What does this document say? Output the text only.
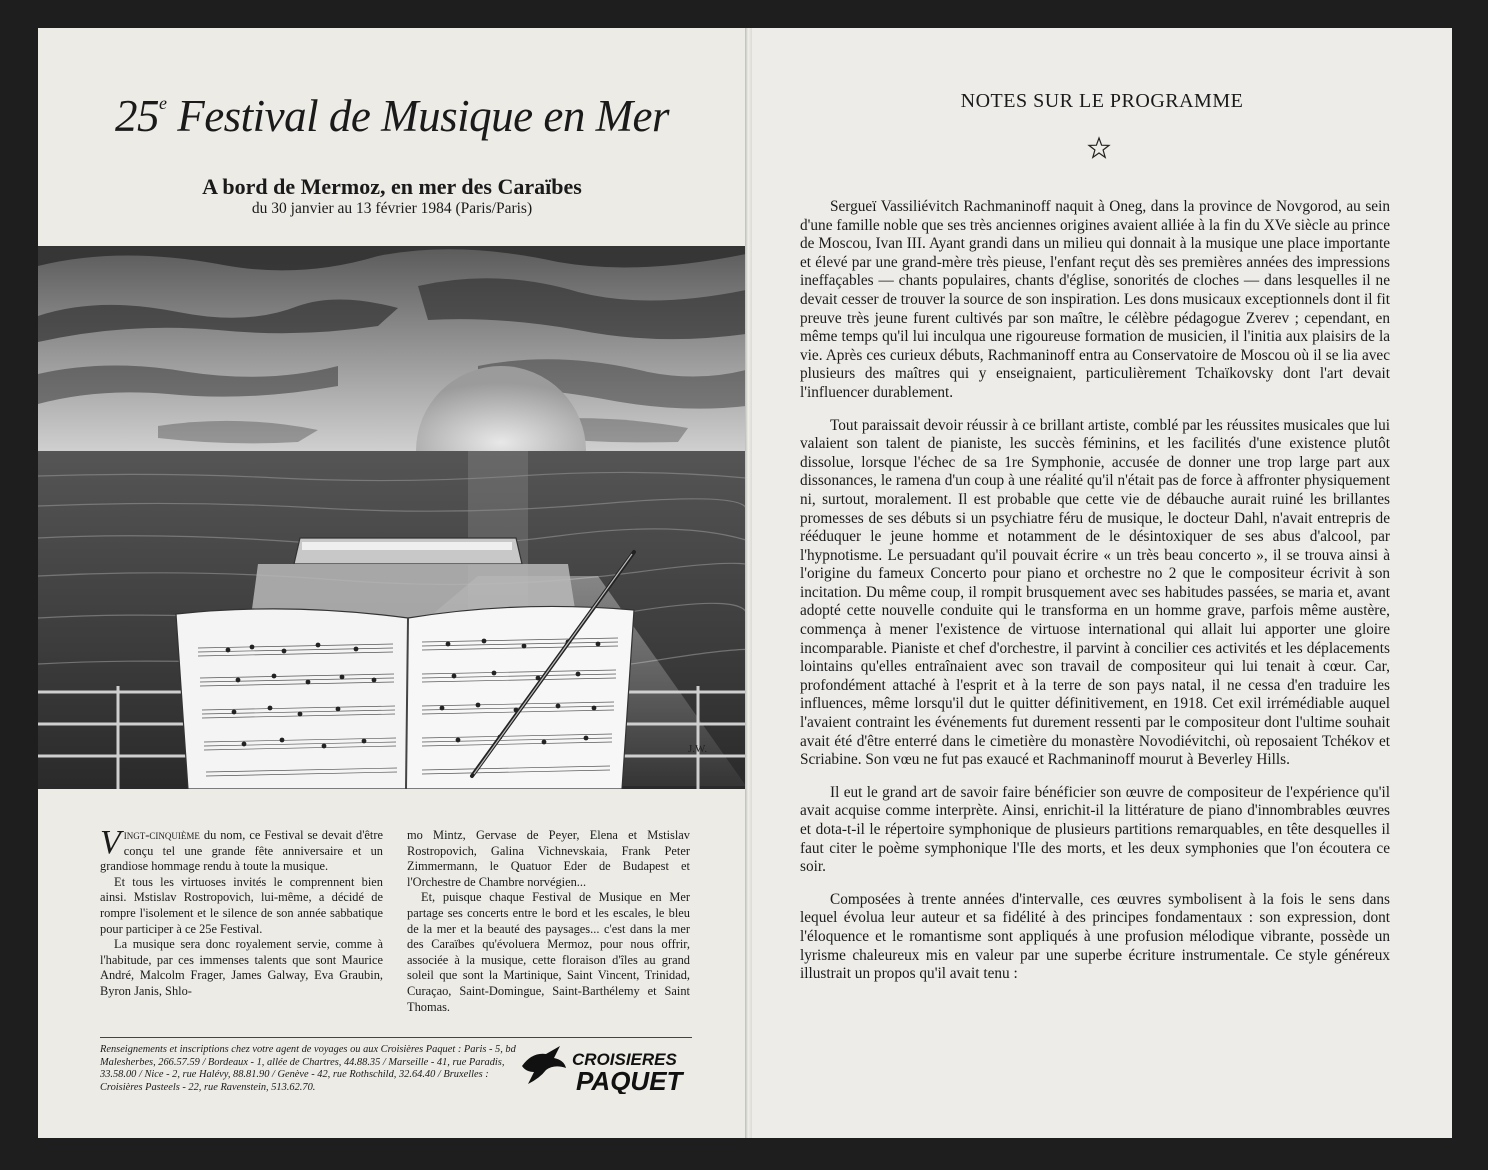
25e Festival de Musique en Mer
A bord de Mermoz, en mer des Caraïbes
du 30 janvier au 13 février 1984 (Paris/Paris)
J.W.

Vingt-cinquième du nom, ce Festival se devait d'être conçu tel une grande fête anniversaire et un grandiose hommage rendu à toute la musique.

Et tous les virtuoses invités le comprennent bien ainsi. Mstislav Rostropovich, lui-même, a décidé de rompre l'isolement et le silence de son année sabbatique pour participer à ce 25e Festival.

La musique sera donc royalement servie, comme à l'habitude, par ces immenses talents que sont Maurice André, Malcolm Frager, James Galway, Eva Graubin, Byron Janis, Shlo-

mo Mintz, Gervase de Peyer, Elena et Mstislav Rostropovich, Galina Vichnevskaia, Frank Peter Zimmermann, le Quatuor Eder de Budapest et l'Orchestre de Chambre norvégien...

Et, puisque chaque Festival de Musique en Mer partage ses concerts entre le bord et les escales, le bleu de la mer et la beauté des paysages... c'est dans la mer des Caraïbes qu'évoluera Mermoz, pour nous offrir, associée à la musique, cette floraison d'îles au grand soleil que sont la Martinique, Saint Vincent, Trinidad, Curaçao, Saint-Domingue, Saint-Barthélemy et Saint Thomas.

Renseignements et inscriptions chez votre agent de voyages ou aux Croisières Paquet : Paris - 5, bd Malesherbes, 266.57.59 / Bordeaux - 1, allée de Chartres, 44.88.35 / Marseille - 41, rue Paradis, 33.58.00 / Nice - 2, rue Halévy, 88.81.90 / Genève - 42, rue Rothschild, 32.64.40 / Bruxelles : Croisières Pasteels - 22, rue Ravenstein, 513.62.70.
CROISIERES
PAQUET
NOTES SUR LE PROGRAMME

Sergueï Vassiliévitch Rachmaninoff naquit à Oneg, dans la province de Novgorod, au sein d'une famille noble que ses très anciennes origines avaient alliée à la fin du XVe siècle au prince de Moscou, Ivan III. Ayant grandi dans un milieu qui donnait à la musique une place importante et élevé par une grand-mère très pieuse, l'enfant reçut dès ses premières années des impressions ineffaçables — chants populaires, chants d'église, sonorités de cloches — dans lesquelles il ne devait cesser de trouver la source de son inspiration. Les dons musicaux exceptionnels dont il fit preuve très jeune furent cultivés par son maître, le célèbre pédagogue Zverev ; cependant, en même temps qu'il lui inculqua une rigoureuse formation de musicien, il l'initia aux plaisirs de la vie. Après ces curieux débuts, Rachmaninoff entra au Conservatoire de Moscou où il se lia avec plusieurs des maîtres qui y enseignaient, particulièrement Tchaïkovsky dont l'art devait l'influencer durablement.

Tout paraissait devoir réussir à ce brillant artiste, comblé par les réussites musicales que lui valaient son talent de pianiste, les succès féminins, et les facilités d'une existence plutôt dissolue, lorsque l'échec de sa 1re Symphonie, accusée de donner une trop large part aux dissonances, le ramena d'un coup à une réalité qu'il n'était pas de force à affronter physiquement ni, surtout, moralement. Il est probable que cette vie de débauche aurait ruiné les brillantes promesses de ses débuts si un psychiatre féru de musique, le docteur Dahl, n'avait entrepris de rééduquer le jeune homme et notamment de le désintoxiquer de ses abus d'alcool, par l'hypnotisme. Le persuadant qu'il pouvait écrire « un très beau concerto », il se trouva ainsi à l'origine du fameux Concerto pour piano et orchestre no 2 que le compositeur écrivit à son incitation. Du même coup, il rompit brusquement avec ses habitudes passées, se maria et, avant adopté cette nouvelle conduite qui le transforma en un homme grave, parfois même austère, commença à mener l'existence de virtuose international qui allait lui apporter une gloire incomparable. Pianiste et chef d'orchestre, il parvint à concilier ces activités et les déplacements lointains qu'elles entraînaient avec son travail de compositeur qui lui tenait à cœur. Car, profondément attaché à l'esprit et à la terre de son pays natal, il ne cessa d'en traduire les influences, même lorsqu'il dut le quitter définitivement, en 1918. Cet exil irrémédiable auquel l'avaient contraint les événements fut durement ressenti par le compositeur dont l'ultime souhait avait été d'être enterré dans le cimetière du monastère Novodiévitchi, où reposaient Tchékov et Scriabine. Son vœu ne fut pas exaucé et Rachmaninoff mourut à Beverley Hills.

Il eut le grand art de savoir faire bénéficier son œuvre de compositeur de l'expérience qu'il avait acquise comme interprète. Ainsi, enrichit-il la littérature de piano d'innombrables œuvres et dota-t-il le répertoire symphonique de plusieurs partitions remarquables, en tête desquelles il faut citer le poème symphonique l'Ile des morts, et les deux symphonies que l'on écoutera ce soir.

Composées à trente années d'intervalle, ces œuvres symbolisent à la fois le sens dans lequel évolua leur auteur et sa fidélité à des principes fondamentaux : son expression, dont l'éloquence et le romantisme sont appliqués à une profusion mélodique vibrante, possède un lyrisme chaleureux mis en valeur par une superbe écriture instrumentale. Ce style généreux illustrait un propos qu'il avait tenu :
